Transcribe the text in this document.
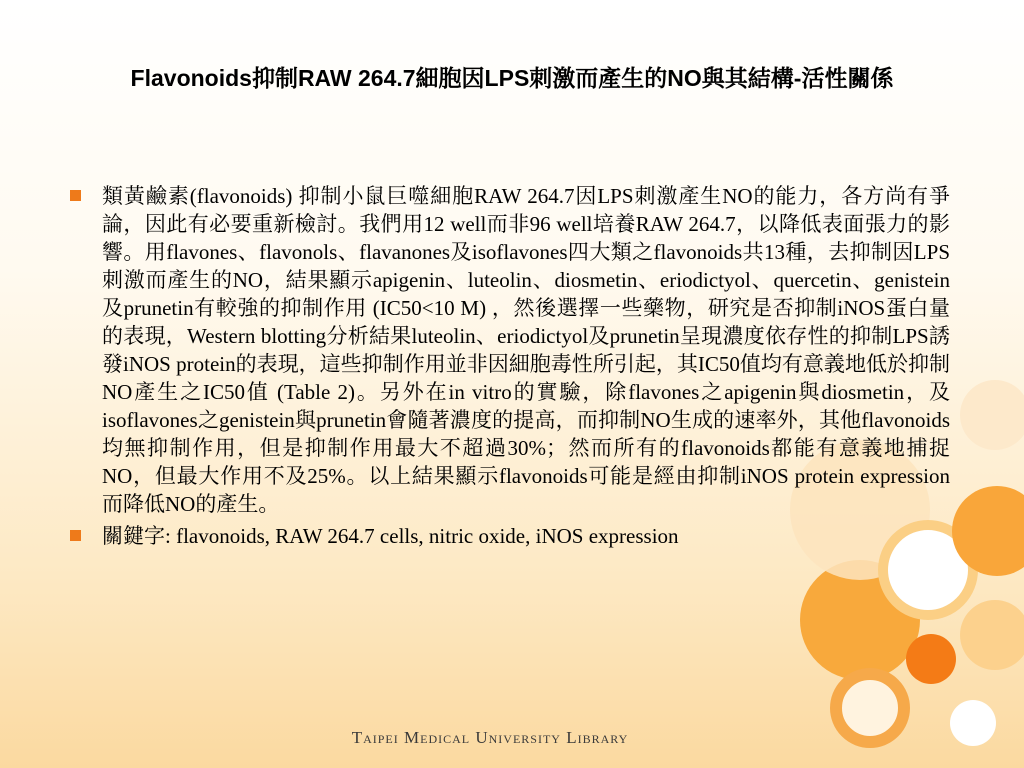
Flavonoids抑制RAW 264.7細胞因LPS刺激而產生的NO與其結構-活性關係
類黃鹼素(flavonoids) 抑制小鼠巨噬細胞RAW 264.7因LPS刺激產生NO的能力，各方尚有爭論，因此有必要重新檢討。我們用12 well而非96 well培養RAW 264.7，以降低表面張力的影響。用flavones、flavonols、flavanones及isoflavones四大類之flavonoids共13種，去抑制因LPS刺激而產生的NO，結果顯示apigenin、luteolin、diosmetin、eriodictyol、quercetin、genistein及prunetin有較強的抑制作用 (IC50<10 M) ，然後選擇一些藥物，研究是否抑制iNOS蛋白量的表現，Western blotting分析結果luteolin、eriodictyol及prunetin呈現濃度依存性的抑制LPS誘發iNOS protein的表現，這些抑制作用並非因細胞毒性所引起，其IC50值均有意義地低於抑制NO產生之IC50值 (Table 2)。另外在in vitro的實驗，除flavones之apigenin與diosmetin，及isoflavones之genistein與prunetin會隨著濃度的提高，而抑制NO生成的速率外，其他flavonoids均無抑制作用，但是抑制作用最大不超過30%；然而所有的flavonoids都能有意義地捕捉NO，但最大作用不及25%。以上結果顯示flavonoids可能是經由抑制iNOS protein expression而降低NO的產生。
關鍵字: flavonoids, RAW 264.7 cells, nitric oxide, iNOS expression
Taipei Medical University Library
